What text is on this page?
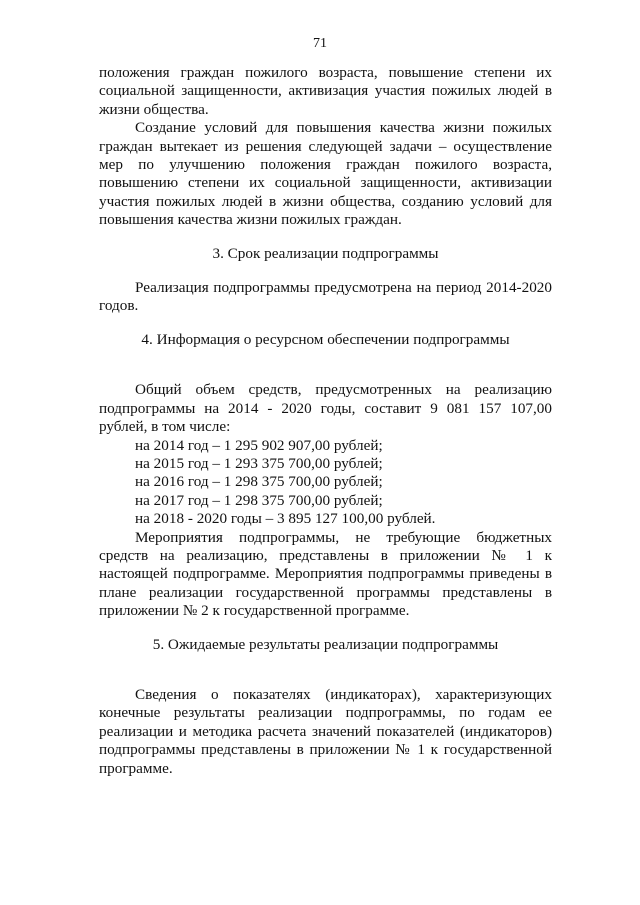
71

положения граждан пожилого возраста, повышение степени их социальной защищенности, активизация участия пожилых людей в жизни общества.

Создание условий для повышения качества жизни пожилых граждан вытекает из решения следующей задачи – осуществление мер по улучшению положения граждан пожилого возраста, повышению степени их социальной защищенности, активизации участия пожилых людей в жизни общества, созданию условий для повышения качества жизни пожилых граждан.

3. Срок реализации подпрограммы

Реализация подпрограммы предусмотрена на период 2014-2020 годов.

4. Информация о ресурсном обеспечении подпрограммы

Общий объем средств, предусмотренных на реализацию подпрограммы на 2014 - 2020 годы, составит 9 081 157 107,00 рублей, в том числе:

на 2014 год – 1 295 902 907,00 рублей;
на 2015 год – 1 293 375 700,00 рублей;
на 2016 год – 1 298 375 700,00 рублей;
на 2017 год – 1 298 375 700,00 рублей;
на 2018 - 2020 годы – 3 895 127 100,00 рублей.

Мероприятия подпрограммы, не требующие бюджетных средств на реализацию, представлены в приложении № 1 к настоящей подпрограмме. Мероприятия подпрограммы приведены в плане реализации государственной программы представлены в приложении № 2 к государственной программе.

5. Ожидаемые результаты реализации подпрограммы

Сведения о показателях (индикаторах), характеризующих конечные результаты реализации подпрограммы, по годам ее реализации и методика расчета значений показателей (индикаторов) подпрограммы представлены в приложении № 1 к государственной программе.
